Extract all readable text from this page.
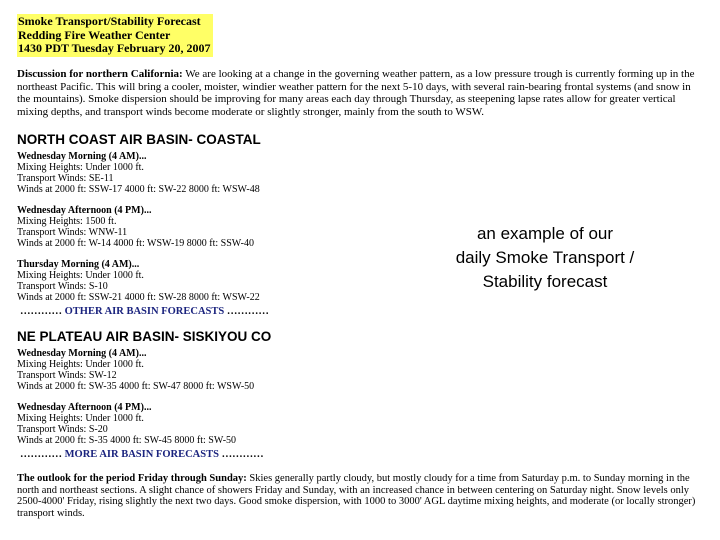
Smoke Transport/Stability Forecast
Redding Fire Weather Center
1430 PDT Tuesday February 20, 2007
Discussion for northern California: We are looking at a change in the governing weather pattern, as a low pressure trough is currently forming up in the northeast Pacific. This will bring a cooler, moister, windier weather pattern for the next 5-10 days, with several rain-bearing frontal systems (and snow in the mountains). Smoke dispersion should be improving for many areas each day through Thursday, as steepening lapse rates allow for greater vertical mixing depths, and transport winds become moderate or slightly stronger, mainly from the south to WSW.
NORTH COAST AIR BASIN- COASTAL
Wednesday Morning (4 AM)...
Mixing Heights: Under 1000 ft.
Transport Winds: SE-11
Winds at 2000 ft: SSW-17 4000 ft: SW-22 8000 ft: WSW-48
Wednesday Afternoon (4 PM)...
Mixing Heights: 1500 ft.
Transport Winds: WNW-11
Winds at 2000 ft: W-14 4000 ft: WSW-19 8000 ft: SSW-40
Thursday Morning (4 AM)...
Mixing Heights: Under 1000 ft.
Transport Winds: S-10
Winds at 2000 ft: SSW-21 4000 ft: SW-28 8000 ft: WSW-22
………… OTHER AIR BASIN FORECASTS …………
NE PLATEAU AIR BASIN- SISKIYOU CO
Wednesday Morning (4 AM)...
Mixing Heights: Under 1000 ft.
Transport Winds: SW-12
Winds at 2000 ft: SW-35 4000 ft: SW-47 8000 ft: WSW-50
Wednesday Afternoon (4 PM)...
Mixing Heights: Under 1000 ft.
Transport Winds: S-20
Winds at 2000 ft: S-35 4000 ft: SW-45 8000 ft: SW-50
………… MORE AIR BASIN FORECASTS …………
an example of our
daily Smoke Transport /
Stability forecast
The outlook for the period Friday through Sunday: Skies generally partly cloudy, but mostly cloudy for a time from Saturday p.m. to Sunday morning in the north and northeast sections. A slight chance of showers Friday and Sunday, with an increased chance in between centering on Saturday night. Snow levels only 2500-4000' Friday, rising slightly the next two days. Good smoke dispersion, with 1000 to 3000' AGL daytime mixing heights, and moderate (or locally stronger) transport winds.
